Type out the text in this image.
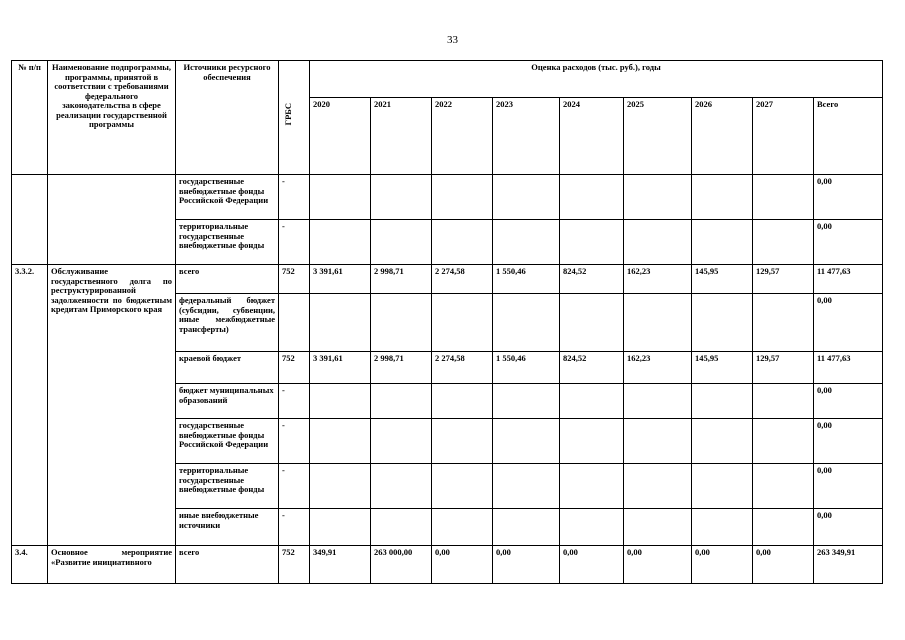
33
№ п/п	Наименование подпрограммы, программы, принятой в соответствии с требованиями федерального законодательства в сфере реализации государственной программы	Источники ресурсного обеспечения	ГРБС	Оценка расходов (тыс. руб.), годы								
				2020	2021	2022	2023	2024	2025	2026	2027	Всего
		государственные внебюджетные фонды Российской Федерации	-									0,00
		территориальные государственные внебюджетные фонды	-									0,00
3.3.2.	Обслуживание государственного долга по реструктурированной задолженности по бюджетным кредитам Приморского края	всего	752	3 391,61	2 998,71	2 274,58	1 550,46	824,52	162,23	145,95	129,57	11 477,63
		федеральный бюджет (субсидии, субвенции, иные межбюджетные трансферты)										0,00
		краевой бюджет	752	3 391,61	2 998,71	2 274,58	1 550,46	824,52	162,23	145,95	129,57	11 477,63
		бюджет муниципальных образований	-									0,00
		государственные внебюджетные фонды Российской Федерации	-									0,00
		территориальные государственные внебюджетные фонды	-									0,00
		иные внебюджетные источники	-									0,00
3.4.	Основное мероприятие «Развитие инициативного	всего	752	349,91	263 000,00	0,00	0,00	0,00	0,00	0,00	0,00	263 349,91
